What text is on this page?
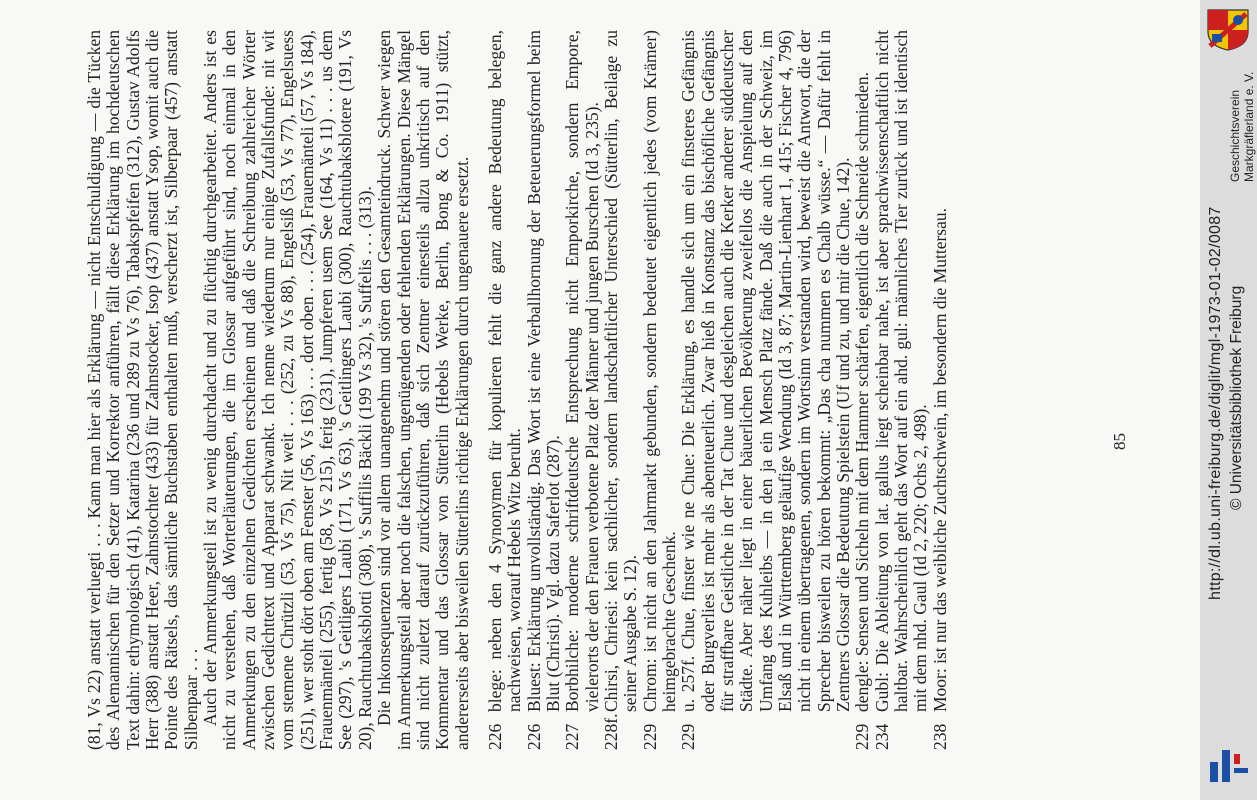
(81, Vs 22) anstatt verluegti . . . Kann man hier als Erklärung — nicht Entschuldigung — die Tücken des Alemannischen für den Setzer und Korrektor anführen, fällt diese Erklärung im hochdeutschen Text dahin: ethymologisch (41), Katarina (236 und 289 zu Vs 76), Tabakspfeifen (312), Gustav Adolfs Herr (388) anstatt Heer, Zahnstochter (433) für Zahnstocker, Isop (437) anstatt Ysop, womit auch die Pointe des Rätsels, das sämtliche Buchstaben enthalten muß, verscherzt ist, Silberpaar (457) anstatt Silbenpaar . . . Auch der Anmerkungsteil ist zu wenig durchdacht und zu flüchtig durchgearbeitet. Anders ist es nicht zu verstehen, daß Worterläuterungen, die im Glossar aufgeführt sind, noch einmal in den Anmerkungen zu den einzelnen Gedichten erscheinen und daß die Schreibung zahlreicher Wörter zwischen Gedichttext und Apparat schwankt. Ich nenne wiederum nur einige Zufallsfunde: nit wit vom stemene Chrützli (53, Vs 75), Nit weit . . . (252, zu Vs 88), Engelsiß (53, Vs 77), Engelsuess (251), wer stoht dört oben am Fenster (56, Vs 163) . . . dort oben . . . (254), Frauemänteli (57, Vs 184), Frauenmänteli (255), fertig (58, Vs 215), ferig (231), Jumpferen usem See (164, Vs 11) . . . us dem See (297), 's Geitligers Laubi (171, Vs 63), 's Geitlingers Laubi (300), Rauchtubaksblotere (191, Vs 20), Rauchtubaksblotti (308), 's Suffilis Bäckli (199 Vs 32), 's Suffelis . . . (313). Die Inkonsequenzen sind vor allem unangenehm und stören den Gesamteindruck. Schwer wiegen im Anmerkungsteil aber noch die falschen, ungenügenden oder fehlenden Erklärungen. Diese Mängel sind nicht zuletzt darauf zurückzuführen, daß sich Zentner einesteils allzu unkritisch auf den Kommentar und das Glossar von Sütterlin (Hebels Werke, Berlin, Bong & Co. 1911) stützt, andererseits aber bisweilen Sütterlins richtige Erklärungen durch ungenauere ersetzt. 226
blege: neben den 4 Synonymen für kopulieren fehlt die ganz andere Bedeutung belegen, nachweisen, worauf Hebels Witz beruht.
226
Bluest: Erklärung unvollständig. Das Wort ist eine Verballhornung der Beteuerungsformel beim Blut (Christi). Vgl. dazu Saferlot (287).
227
Borbhilche: moderne schriftdeutsche Entsprechung nicht Emporkirche, sondern Empore, vielerorts der den Frauen verbotene Platz der Männer und jungen Burschen (Id 3, 235).
228f.
Chirsi, Chriesi: kein sachlicher, sondern landschaftlicher Unterschied (Sütterlin, Beilage zu seiner Ausgabe S. 12).
229
Chrom: ist nicht an den Jahrmarkt gebunden, sondern bedeutet eigentlich jedes (vom Krämer) heimgebrachte Geschenk.
229
u. 257f. Chue, finster wie ne Chue: Die Erklärung, es handle sich um ein finsteres Gefängnis oder Burgverlies ist mehr als abenteuerlich. Zwar hieß in Konstanz das bischöfliche Gefängnis für straffbare Geistliche in der Tat Chue und desgleichen auch die Kerker anderer süddeutscher Städte. Aber näher liegt in einer bäuerlichen Bevölkerung zweifellos die Anspielung auf den Umfang des Kuhleibs — in den ja ein Mensch Platz fände. Daß die auch in der Schweiz, im Elsaß und in Württemberg geläufige Wendung (Id 3, 87; Martin-Lienhart 1, 415; Fischer 4, 796) nicht in einem übertragenen, sondern im Wortsinn verstanden wird, beweist die Antwort, die der Sprecher bisweilen zu hören bekommt: „Das cha nummen es Chalb wüsse.“ — Dafür fehlt in Zentners Glossar die Bedeutung Spielstein (Uf und zu, und mir die Chue, 142).
229
dengle: Sensen und Sicheln mit dem Hammer schärfen, eigentlich die Schneide schmieden.
234
Gubl: Die Ableitung von lat. gallus liegt scheinbar nahe, ist aber sprachwissenschaftlich nicht haltbar. Wahrscheinlich geht das Wort auf ein ahd. gul: männliches Tier zurück und ist identisch mit dem nhd. Gaul (Id 2, 220; Ochs 2, 498).
238
Moor: ist nur das weibliche Zuchtschwein, im besondern die Muttersau.	85	http://dl.ub.uni-freiburg.de/diglit/mgl-1973-01-02/0087 © Universitätsbibliothek Freiburg
Geschichtsverein Markgräflerland e. V.
